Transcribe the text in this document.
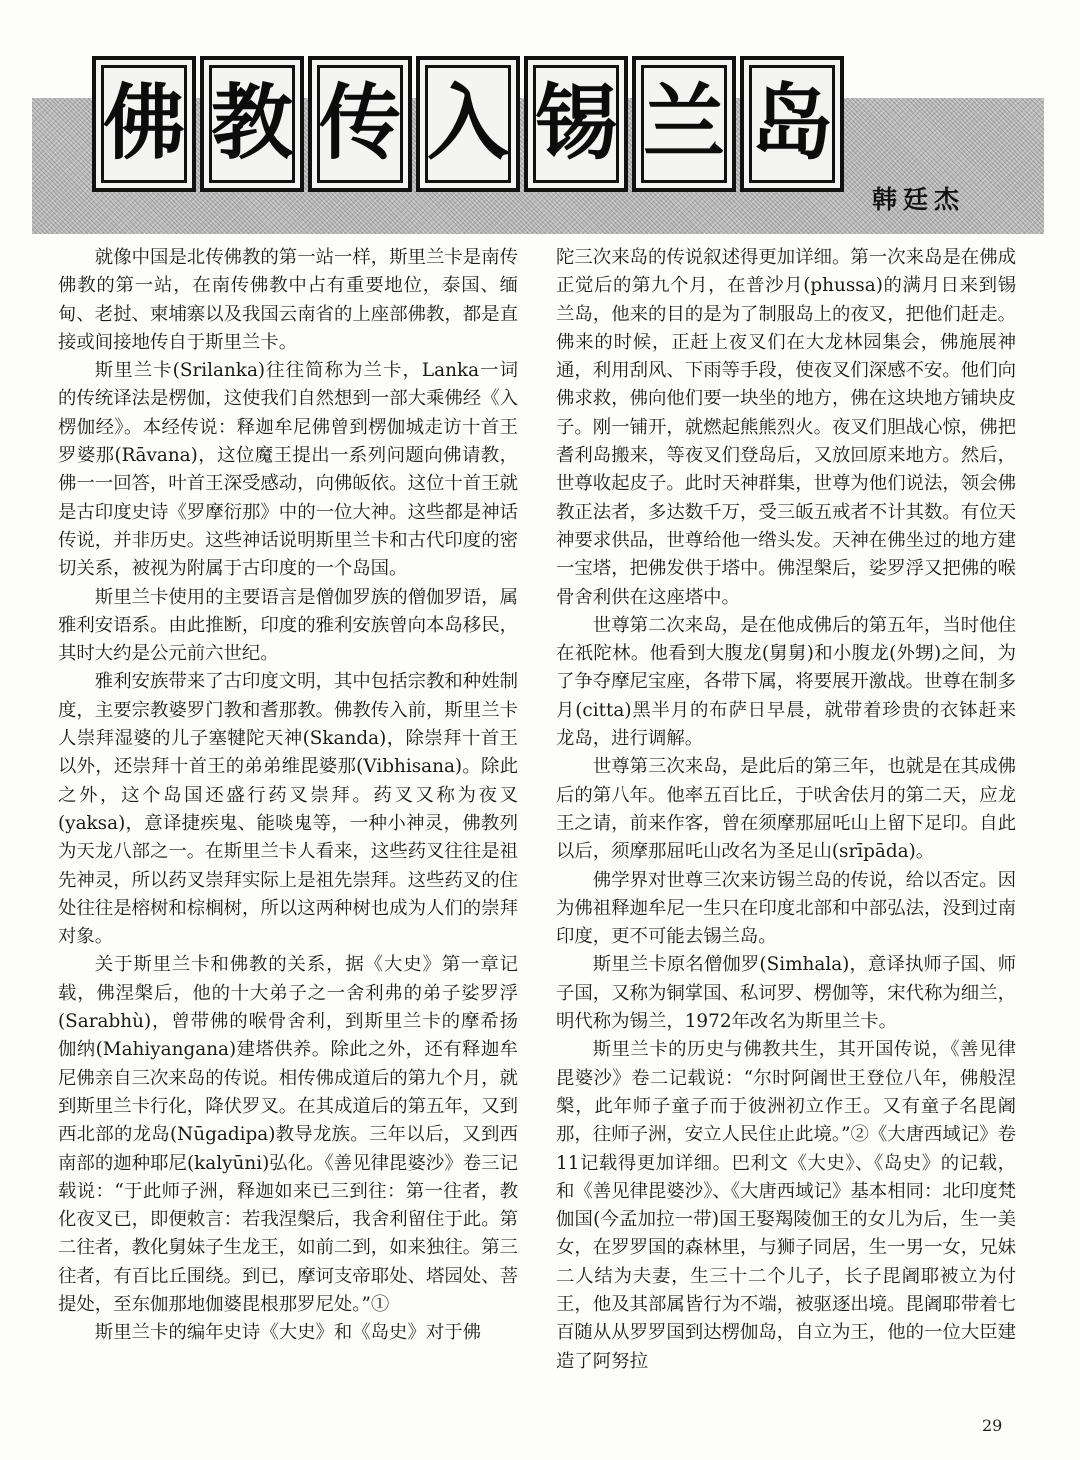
佛 教 传 入 锡 兰 岛
韩廷杰

就像中国是北传佛教的第一站一样，斯里兰卡是南传佛教的第一站，在南传佛教中占有重要地位，泰国、缅甸、老挝、柬埔寨以及我国云南省的上座部佛教，都是直接或间接地传自于斯里兰卡。

斯里兰卡(Srilanka)往往简称为兰卡，Lanka一词的传统译法是楞伽，这使我们自然想到一部大乘佛经《入楞伽经》。本经传说：释迦牟尼佛曾到楞伽城走访十首王罗婆那(Rāvana)，这位魔王提出一系列问题向佛请教，佛一一回答，叶首王深受感动，向佛皈依。这位十首王就是古印度史诗《罗摩衍那》中的一位大神。这些都是神话传说，并非历史。这些神话说明斯里兰卡和古代印度的密切关系，被视为附属于古印度的一个岛国。

斯里兰卡使用的主要语言是僧伽罗族的僧伽罗语，属雅利安语系。由此推断，印度的雅利安族曾向本岛移民，其时大约是公元前六世纪。

雅利安族带来了古印度文明，其中包括宗教和种姓制度，主要宗教婆罗门教和耆那教。佛教传入前，斯里兰卡人崇拜湿婆的儿子塞犍陀天神(Skanda)，除崇拜十首王以外，还崇拜十首王的弟弟维毘婆那(Vibhisana)。除此之外，这个岛国还盛行药叉崇拜。药叉又称为夜叉(yaksa)，意译捷疾鬼、能啖鬼等，一种小神灵，佛教列为天龙八部之一。在斯里兰卡人看来，这些药叉往往是祖先神灵，所以药叉崇拜实际上是祖先崇拜。这些药叉的住处往往是榕树和棕榈树，所以这两种树也成为人们的崇拜对象。

关于斯里兰卡和佛教的关系，据《大史》第一章记载，佛涅槃后，他的十大弟子之一舍利弗的弟子娑罗浮(Sarabhù)，曾带佛的喉骨舍利，到斯里兰卡的摩希扬伽纳(Mahiyangana)建塔供养。除此之外，还有释迦牟尼佛亲自三次来岛的传说。相传佛成道后的第九个月，就到斯里兰卡行化，降伏罗叉。在其成道后的第五年，又到西北部的龙岛(Nūgadipa)教导龙族。三年以后，又到西南部的迦种耶尼(kalyūni)弘化。《善见律毘婆沙》卷三记载说：“于此师子洲，释迦如来已三到往：第一往者，教化夜叉已，即便敕言：若我涅槃后，我舍利留住于此。第二往者，教化舅妹子生龙王，如前二到，如来独往。第三往者，有百比丘围绕。到已，摩诃支帝耶处、塔园处、菩提处，至东伽那地伽婆毘根那罗尼处。”①

斯里兰卡的编年史诗《大史》和《岛史》对于佛

陀三次来岛的传说叙述得更加详细。第一次来岛是在佛成正觉后的第九个月，在普沙月(phussa)的满月日来到锡兰岛，他来的目的是为了制服岛上的夜叉，把他们赶走。佛来的时候，正赶上夜叉们在大龙林园集会，佛施展神通，利用刮风、下雨等手段，使夜叉们深感不安。他们向佛求救，佛向他们要一块坐的地方，佛在这块地方铺块皮子。刚一铺开，就燃起熊熊烈火。夜叉们胆战心惊，佛把耆利岛搬来，等夜叉们登岛后，又放回原来地方。然后，世尊收起皮子。此时天神群集，世尊为他们说法，领会佛教正法者，多达数千万，受三皈五戒者不计其数。有位天神要求供品，世尊给他一绺头发。天神在佛坐过的地方建一宝塔，把佛发供于塔中。佛涅槃后，娑罗浮又把佛的喉骨舍利供在这座塔中。

世尊第二次来岛，是在他成佛后的第五年，当时他住在祇陀林。他看到大腹龙(舅舅)和小腹龙(外甥)之间，为了争夺摩尼宝座，各带下属，将要展开激战。世尊在制多月(citta)黑半月的布萨日早晨，就带着珍贵的衣钵赶来龙岛，进行调解。

世尊第三次来岛，是此后的第三年，也就是在其成佛后的第八年。他率五百比丘，于吠舍佉月的第二天，应龙王之请，前来作客，曾在须摩那屈吒山上留下足印。自此以后，须摩那屈吒山改名为圣足山(srīpāda)。

佛学界对世尊三次来访锡兰岛的传说，给以否定。因为佛祖释迦牟尼一生只在印度北部和中部弘法，没到过南印度，更不可能去锡兰岛。

斯里兰卡原名僧伽罗(Simhala)，意译执师子国、师子国，又称为铜掌国、私诃罗、楞伽等，宋代称为细兰，明代称为锡兰，1972年改名为斯里兰卡。

斯里兰卡的历史与佛教共生，其开国传说，《善见律毘婆沙》卷二记载说：“尔时阿阇世王登位八年，佛般涅槃，此年师子童子而于彼洲初立作王。又有童子名毘阇那，往师子洲，安立人民住止此境。”②《大唐西域记》卷11记载得更加详细。巴利文《大史》、《岛史》的记载，和《善见律毘婆沙》、《大唐西域记》基本相同：北印度梵伽国(今孟加拉一带)国王娶羯陵伽王的女儿为后，生一美女，在罗罗国的森林里，与狮子同居，生一男一女，兄妹二人结为夫妻，生三十二个儿子，长子毘阇耶被立为付王，他及其部属皆行为不端，被驱逐出境。毘阇耶带着七百随从从罗罗国到达楞伽岛，自立为王，他的一位大臣建造了阿努拉

29
